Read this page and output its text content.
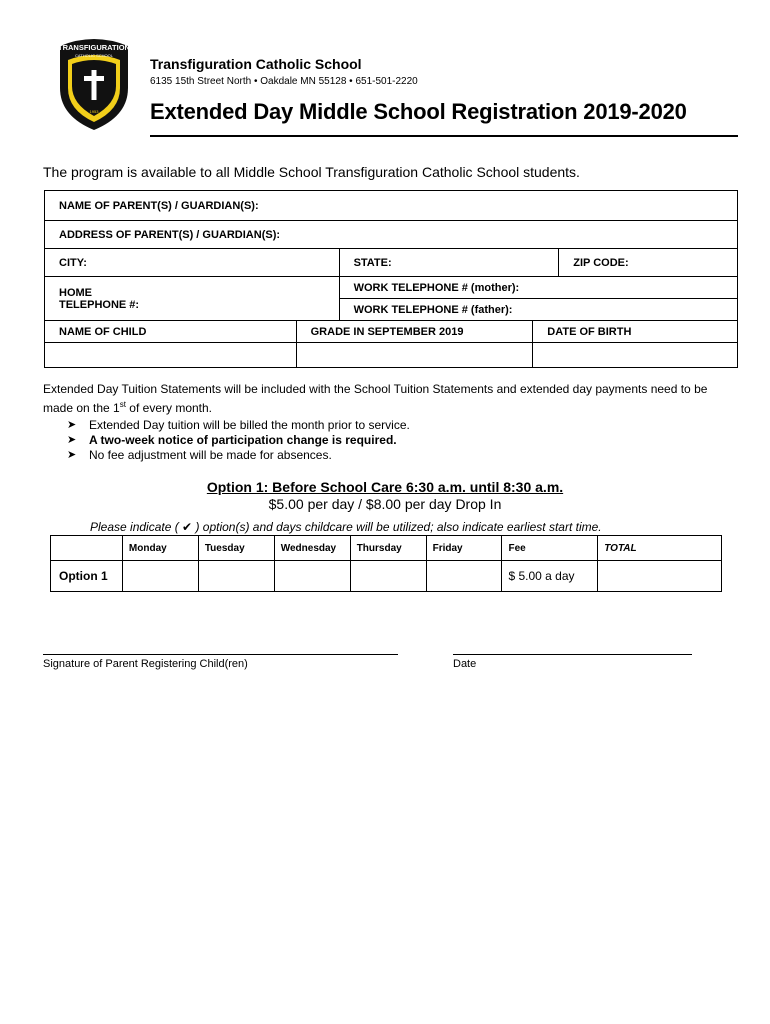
TRANSFIGURATION
CATHOLIC SCHOOL
1953
Transfiguration Catholic School
6135 15th Street North • Oakdale MN 55128 • 651-501-2220
Extended Day Middle School Registration 2019-2020
The program is available to all Middle School Transfiguration Catholic School students.
NAME OF PARENT(S) / GUARDIAN(S):				
ADDRESS OF PARENT(S) / GUARDIAN(S):				
CITY:		STATE:		ZIP CODE:
HOME
TELEPHONE #:		WORK TELEPHONE # (mother):		
		WORK TELEPHONE # (father):		
NAME OF CHILD	GRADE IN SEPTEMBER 2019		DATE OF BIRTH	

Extended Day Tuition Statements will be included with the School Tuition Statements and extended day payments need to be made on the 1st of every month.
➤ Extended Day tuition will be billed the month prior to service.
➤ A two-week notice of participation change is required.
➤ No fee adjustment will be made for absences.
Option 1: Before School Care 6:30 a.m. until 8:30 a.m.
$5.00 per day / $8.00 per day Drop In
Please indicate ( ✔ ) option(s) and days childcare will be utilized; also indicate earliest start time.
	Monday	Tuesday	Wednesday	Thursday	Friday	Fee	TOTAL
Option 1						$ 5.00 a day	
Signature of Parent Registering Child(ren)	Date
